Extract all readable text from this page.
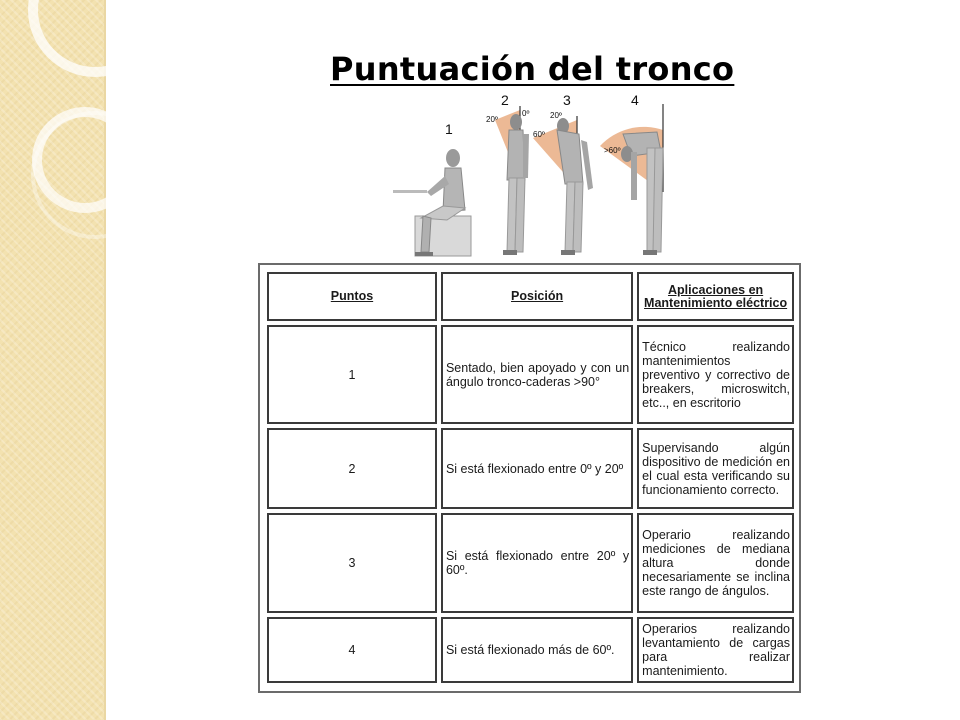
Puntuación del tronco
1
2
0º
20º
3
20º
60º
4
>60º
Puntos	Posición	Aplicaciones en Mantenimiento eléctrico
1	Sentado, bien apoyado y con un ángulo tronco-caderas >90°	Técnico realizando mantenimientos preventivo y correctivo de breakers, microswitch, etc.., en escritorio
2	Si está flexionado entre 0º y 20º	Supervisando algún dispositivo de medición en el cual esta verificando su funcionamiento correcto.
3	Si está flexionado entre 20º y 60º.	Operario realizando mediciones de mediana altura donde necesariamente se inclina este rango de ángulos.
4	Si está flexionado más de 60º.	Operarios realizando levantamiento de cargas para realizar mantenimiento.
